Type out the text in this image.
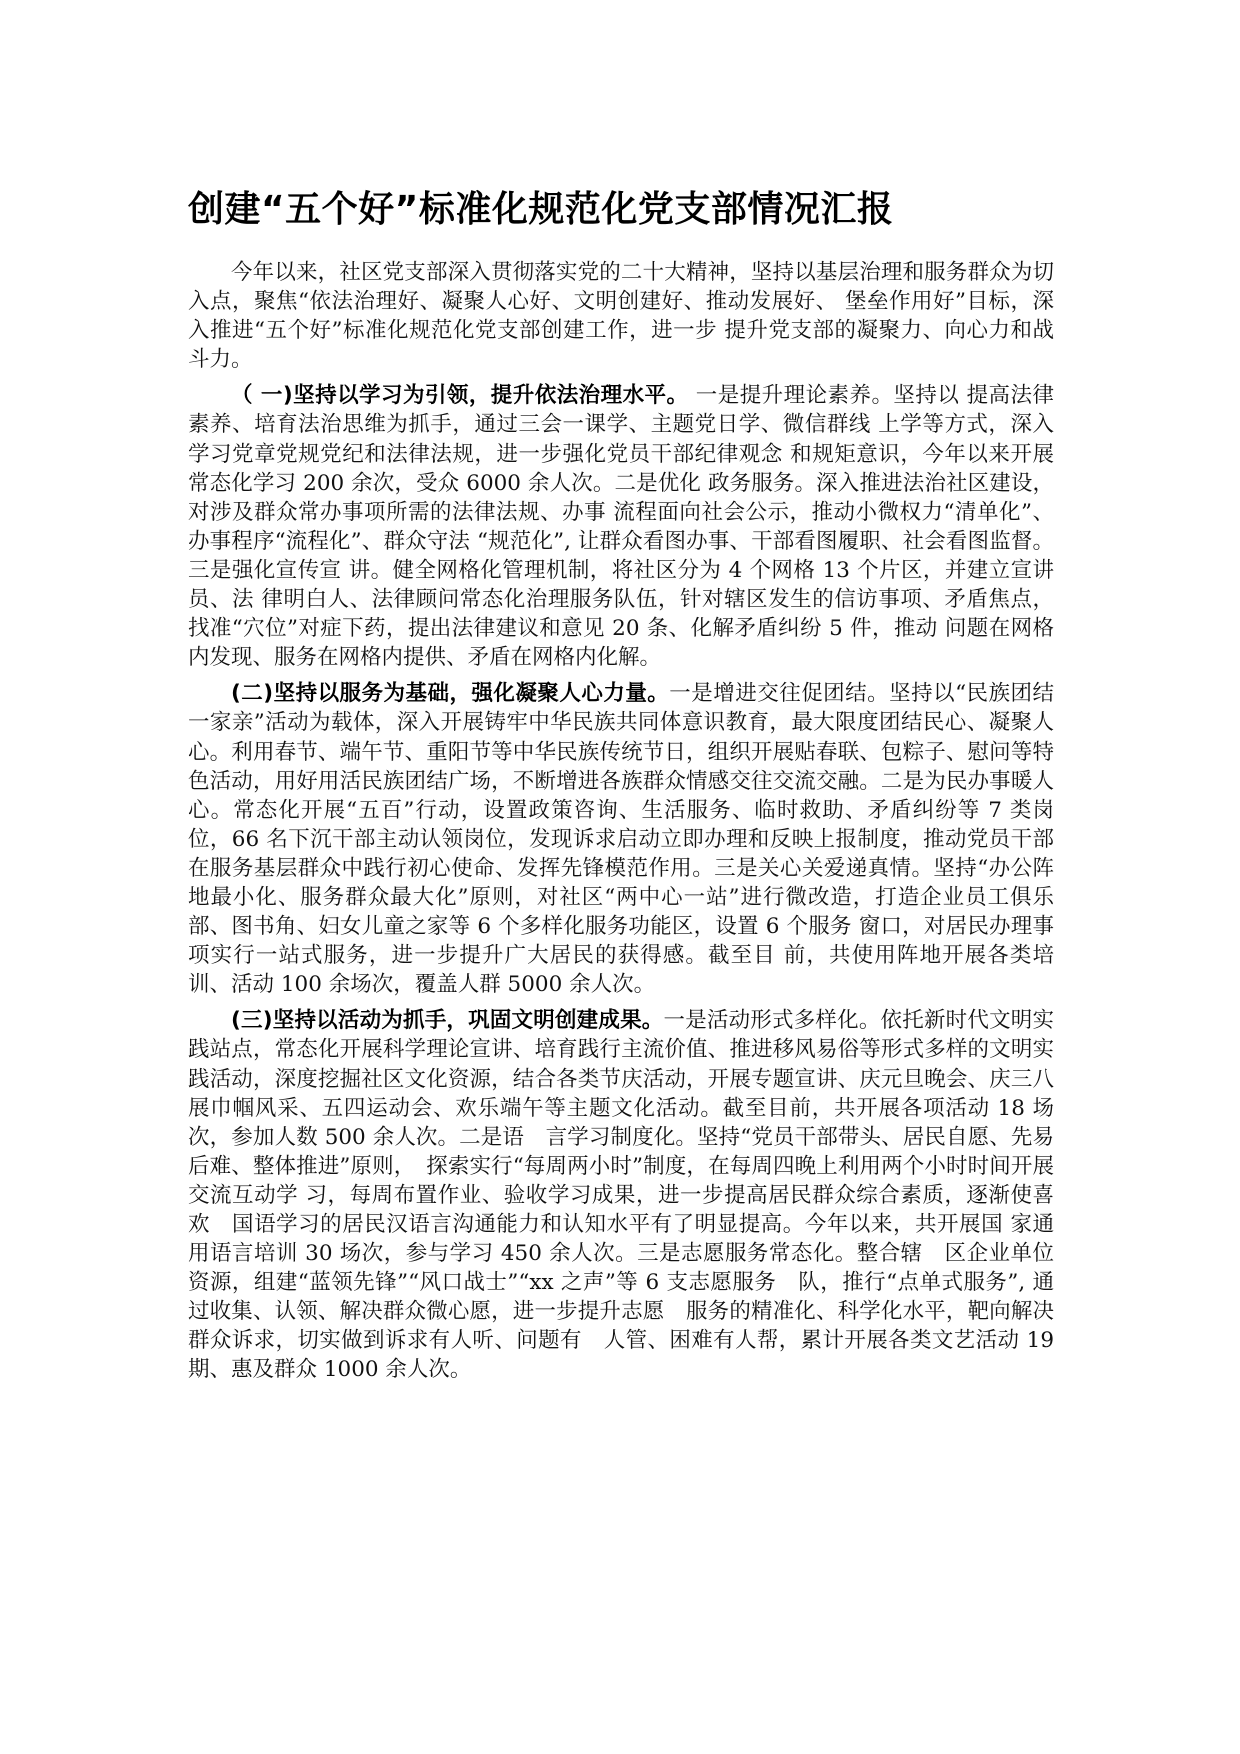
创建“五个好”标准化规范化党支部情况汇报

今年以来，社区党支部深入贯彻落实党的二十大精神，坚持以基层治理和服务群众为切入点，聚焦“依法治理好、凝聚人心好、文明创建好、推动发展好、 堡垒作用好”目标，深入推进“五个好”标准化规范化党支部创建工作，进一步 提升党支部的凝聚力、向心力和战斗力。

（ 一)坚持以学习为引领，提升依法治理水平。 一是提升理论素养。坚持以 提高法律素养、培育法治思维为抓手，通过三会一课学、主题党日学、微信群线 上学等方式，深入学习党章党规党纪和法律法规，进一步强化党员干部纪律观念 和规矩意识，今年以来开展常态化学习 200 余次，受众 6000 余人次。二是优化 政务服务。深入推进法治社区建设，对涉及群众常办事项所需的法律法规、办事 流程面向社会公示，推动小微权力“清单化”、办事程序“流程化”、群众守法 “规范化”, 让群众看图办事、干部看图履职、社会看图监督。三是强化宣传宣 讲。健全网格化管理机制，将社区分为 4 个网格 13 个片区，并建立宣讲员、法 律明白人、法律顾问常态化治理服务队伍，针对辖区发生的信访事项、矛盾焦点， 找准“穴位”对症下药，提出法律建议和意见 20 条、化解矛盾纠纷 5 件，推动 问题在网格内发现、服务在网格内提供、矛盾在网格内化解。

(二)坚持以服务为基础，强化凝聚人心力量。一是增进交往促团结。坚持以“民族团结一家亲”活动为载体，深入开展铸牢中华民族共同体意识教育，最大限度团结民心、凝聚人心。利用春节、端午节、重阳节等中华民族传统节日，组织开展贴春联、包粽子、慰问等特色活动，用好用活民族团结广场，不断增进各族群众情感交往交流交融。二是为民办事暖人心。常态化开展“五百”行动，设置政策咨询、生活服务、临时救助、矛盾纠纷等 7 类岗位，66 名下沉干部主动认领岗位，发现诉求启动立即办理和反映上报制度，推动党员干部在服务基层群众中践行初心使命、发挥先锋模范作用。三是关心关爱递真情。坚持“办公阵地最小化、服务群众最大化”原则，对社区“两中心一站”进行微改造，打造企业员工俱乐部、图书角、妇女儿童之家等 6 个多样化服务功能区，设置 6 个服务 窗口，对居民办理事项实行一站式服务，进一步提升广大居民的获得感。截至目 前，共使用阵地开展各类培训、活动 100 余场次，覆盖人群 5000 余人次。

(三)坚持以活动为抓手，巩固文明创建成果。一是活动形式多样化。依托新时代文明实践站点，常态化开展科学理论宣讲、培育践行主流价值、推进移风易俗等形式多样的文明实践活动，深度挖掘社区文化资源，结合各类节庆活动，开展专题宣讲、庆元旦晚会、庆三八展巾帼风采、五四运动会、欢乐端午等主题文化活动。截至目前，共开展各项活动 18 场次，参加人数 500 余人次。二是语　言学习制度化。坚持“党员干部带头、居民自愿、先易后难、整体推进”原则，　探索实行“每周两小时”制度，在每周四晚上利用两个小时时间开展交流互动学 习，每周布置作业、验收学习成果，进一步提高居民群众综合素质，逐渐使喜欢　国语学习的居民汉语言沟通能力和认知水平有了明显提高。今年以来，共开展国 家通用语言培训 30 场次，参与学习 450 余人次。三是志愿服务常态化。整合辖　区企业单位资源，组建“蓝领先锋”“风口战士”“xx 之声”等 6 支志愿服务　队，推行“点单式服务”, 通过收集、认领、解决群众微心愿，进一步提升志愿　服务的精准化、科学化水平，靶向解决群众诉求，切实做到诉求有人听、问题有　人管、困难有人帮，累计开展各类文艺活动 19 期、惠及群众 1000 余人次。
